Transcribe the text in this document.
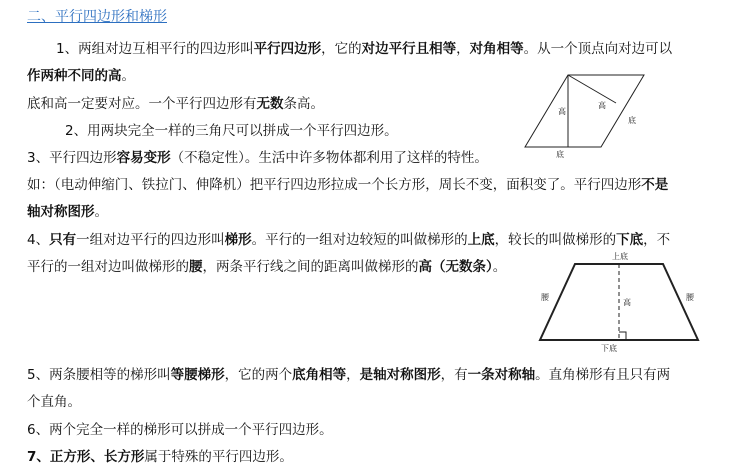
二、平行四边形和梯形
1、两组对边互相平行的四边形叫平行四边形，它的对边平行且相等，对角相等。从一个顶点向对边可以
作两种不同的高。
底和高一定要对应。一个平行四边形有无数条高。
2、用两块完全一样的三角尺可以拼成一个平行四边形。
3、平行四边形容易变形（不稳定性）。生活中许多物体都利用了这样的特性。
如：（电动伸缩门、铁拉门、伸降机）把平行四边形拉成一个长方形，周长不变，面积变了。平行四边形不是
轴对称图形。
4、只有一组对边平行的四边形叫梯形。平行的一组对边较短的叫做梯形的上底，较长的叫做梯形的下底，不
平行的一组对边叫做梯形的腰，两条平行线之间的距离叫做梯形的高（无数条）。
5、两条腰相等的梯形叫等腰梯形，它的两个底角相等，是轴对称图形，有一条对称轴。直角梯形有且只有两
个直角。
6、两个完全一样的梯形可以拼成一个平行四边形。
7、正方形、长方形属于特殊的平行四边形。
高
高
底
底
上底
下底
腰	腰
高
